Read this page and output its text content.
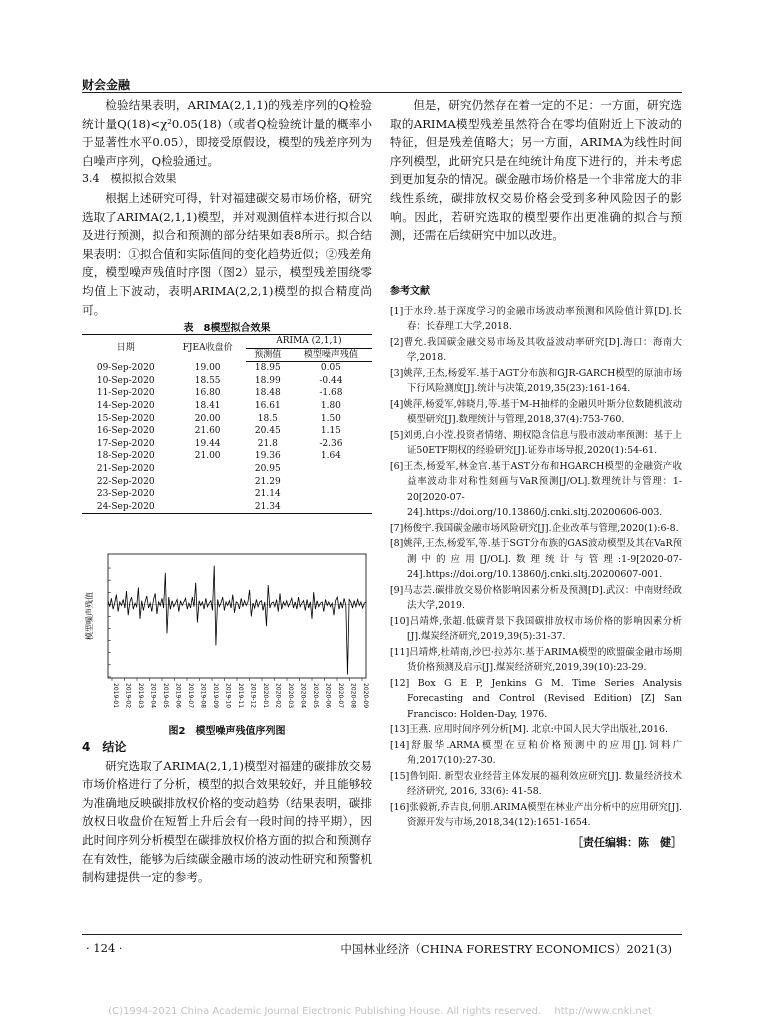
财会金融

检验结果表明，ARIMA(2,1,1)的残差序列的Q检验统计量Q(18)<χ²0.05(18)（或者Q检验统计量的概率小于显著性水平0.05），即接受原假设，模型的残差序列为白噪声序列，Q检验通过。

3.4　模拟拟合效果

根据上述研究可得，针对福建碳交易市场价格，研究选取了ARIMA(2,1,1)模型，并对观测值样本进行拟合以及进行预测，拟合和预测的部分结果如表8所示。拟合结果表明：①拟合值和实际值间的变化趋势近似；②残差角度，模型噪声残值时序图（图2）显示，模型残差围绕零均值上下波动，表明ARIMA(2,2,1)模型的拟合精度尚可。

表　8模型拟合效果
日期	FJEA收盘价	ARIMA (2,1,1)	
		预测值	模型噪声残值
09-Sep-2020	19.00	18.95	0.05
10-Sep-2020	18.55	18.99	-0.44
11-Sep-2020	16.80	18.48	-1.68
14-Sep-2020	18.41	16.61	1.80
15-Sep-2020	20.00	18.5	1.50
16-Sep-2020	21.60	20.45	1.15
17-Sep-2020	19.44	21.8	-2.36
18-Sep-2020	21.00	19.36	1.64
21-Sep-2020		20.95	
22-Sep-2020		21.29	
23-Sep-2020		21.14	
24-Sep-2020		21.34	
模型噪声残值
2019-01 2019-02 2019-03 2019-04 2019-05 2019-06 2019-07 2019-08 2019-09 2019-10 2019-11 2019-12 2020-01 2020-02 2020-03 2020-04 2020-05 2020-06 2020-07 2020-08 2020-09
图2　模型噪声残值序列图

4　结论

研究选取了ARIMA(2,1,1)模型对福建的碳排放交易市场价格进行了分析，模型的拟合效果较好，并且能够较为准确地反映碳排放权价格的变动趋势（结果表明，碳排放权日收盘价在短暂上升后会有一段时间的持平期），因此时间序列分析模型在碳排放权价格方面的拟合和预测存在有效性，能够为后续碳金融市场的波动性研究和预警机制构建提供一定的参考。

但是，研究仍然存在着一定的不足：一方面，研究选取的ARIMA模型残差虽然符合在零均值附近上下波动的特征，但是残差值略大；另一方面，ARIMA为线性时间序列模型，此研究只是在纯统计角度下进行的，并未考虑到更加复杂的情况。碳金融市场价格是一个非常庞大的非线性系统，碳排放权交易价格会受到多种风险因子的影响。因此，若研究选取的模型要作出更准确的拟合与预测，还需在后续研究中加以改进。

参考文献

[1]于水玲.基于深度学习的金融市场波动率预测和风险值计算[D].长春：长春理工大学,2018.

[2]曹允.我国碳金融交易市场及其收益波动率研究[D].海口：海南大学,2018.

[3]姚萍,王杰,杨爱军.基于AGT分布族和GJR-GARCH模型的原油市场下行风险测度[J].统计与决策,2019,35(23):161-164.

[4]姚萍,杨爱军,韩晓月,等.基于M-H抽样的金融贝叶斯分位数随机波动模型研究[J].数理统计与管理,2018,37(4):753-760.

[5]刘勇,白小滢.投资者情绪、期权隐含信息与股市波动率预测：基于上证50ETF期权的经验研究[J].证券市场导报,2020(1):54-61.

[6]王杰,杨爱军,林金官.基于AST分布和HGARCH模型的金融资产收益率波动非对称性刻画与VaR预测[J/OL].数理统计与管理：1-20[2020-07-24].https://doi.org/10.13860/j.cnki.sltj.20200606-003.

[7]杨俊宇.我国碳金融市场风险研究[J].企业改革与管理,2020(1):6-8.

[8]姚萍,王杰,杨爱军,等.基于SGT分布族的GAS波动模型及其在VaR预测中的应用[J/OL].数理统计与管理:1-9[2020-07-24].https://doi.org/10.13860/j.cnki.sltj.20200607-001.

[9]马志芸.碳排放交易价格影响因素分析及预测[D].武汉：中南财经政法大学,2019.

[10]吕靖烨,张超.低碳背景下我国碳排放权市场价格的影响因素分析[J].煤炭经济研究,2019,39(5):31-37.

[11]吕靖烨,杜靖南,沙巴·拉苏尔.基于ARIMA模型的欧盟碳金融市场期货价格预测及启示[J].煤炭经济研究,2019,39(10):23-29.

[12] Box G E P, Jenkins G M. Time Series Analysis Forecasting and Control (Revised Edition) [Z] San Francisco: Holden-Day, 1976.

[13]王燕. 应用时间序列分析[M]. 北京:中国人民大学出版社,2016.

[14]舒服华.ARMA模型在豆粕价格预测中的应用[J].饲料广角,2017(10):27-30.

[15]鲁钊阳. 新型农业经营主体发展的福利效应研究[J]. 数量经济技术经济研究, 2016, 33(6): 41-58.

[16]张毅新,乔吉良,何朋.ARIMA模型在林业产出分析中的应用研究[J].资源开发与市场,2018,34(12):1651-1654.

［责任编辑：陈　健］
· 124 ·	中国林业经济（CHINA FORESTRY ECONOMICS）2021(3)
(C)1994-2021 China Academic Journal Electronic Publishing House. All rights reserved.　 http://www.cnki.net
